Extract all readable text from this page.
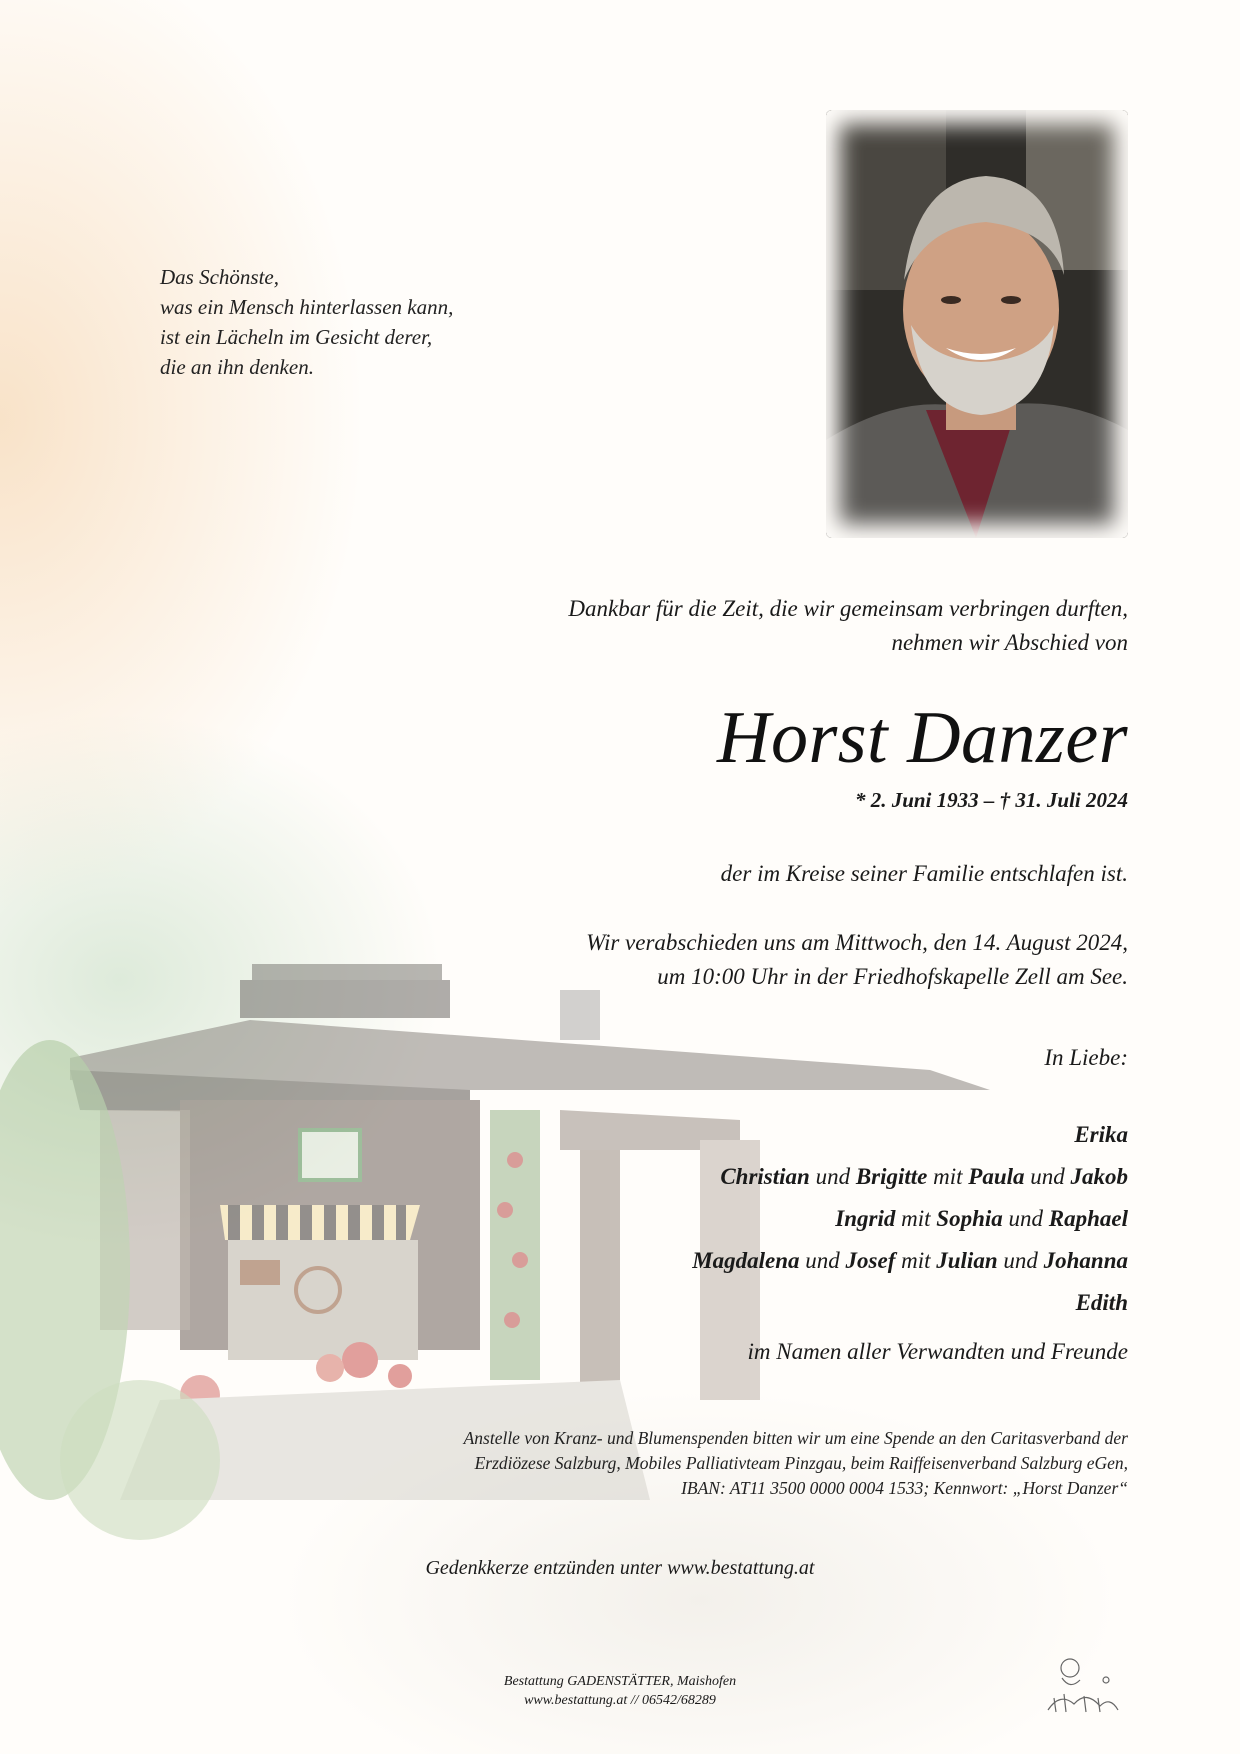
Das Schönste,
was ein Mensch hinterlassen kann,
ist ein Lächeln im Gesicht derer,
die an ihn denken.
Dankbar für die Zeit, die wir gemeinsam verbringen durften,
nehmen wir Abschied von
Horst Danzer
* 2. Juni 1933 – † 31. Juli 2024
der im Kreise seiner Familie entschlafen ist.
Wir verabschieden uns am Mittwoch, den 14. August 2024,
um 10:00 Uhr in der Friedhofskapelle Zell am See.
In Liebe:
Erika
Christian und Brigitte mit Paula und Jakob
Ingrid mit Sophia und Raphael
Magdalena und Josef mit Julian und Johanna
Edith
im Namen aller Verwandten und Freunde
Anstelle von Kranz- und Blumenspenden bitten wir um eine Spende an den Caritasverband der
Erzdiözese Salzburg, Mobiles Palliativteam Pinzgau, beim Raiffeisenverband Salzburg eGen,
IBAN: AT11 3500 0000 0004 1533; Kennwort: „Horst Danzer“
Gedenkkerze entzünden unter www.bestattung.at
Bestattung GADENSTÄTTER, Maishofen
www.bestattung.at // 06542/68289
